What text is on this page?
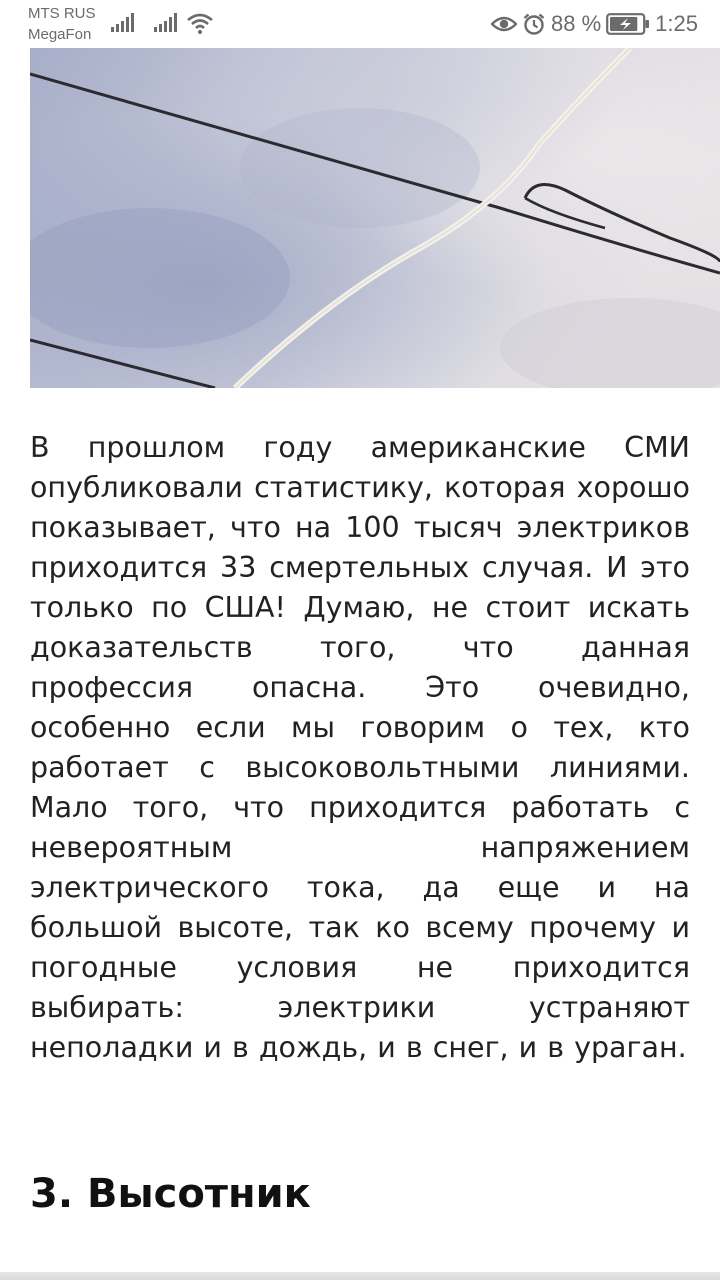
MTS RUS
MegaFon	88 % 1:25

В прошлом году американские СМИ опубликовали статистику, которая хорошо показывает, что на 100 тысяч электриков приходится 33 смертельных случая. И это только по США! Думаю, не стоит искать доказательств того, что данная профессия опасна. Это очевидно, особенно если мы говорим о тех, кто работает с высоковольтными линиями. Мало того, что приходится работать с невероятным напряжением электрического тока, да еще и на большой высоте, так ко всему прочему и погодные условия не приходится выбирать: электрики устраняют неполадки и в дождь, и в снег, и в ураган.

3. Высотник
